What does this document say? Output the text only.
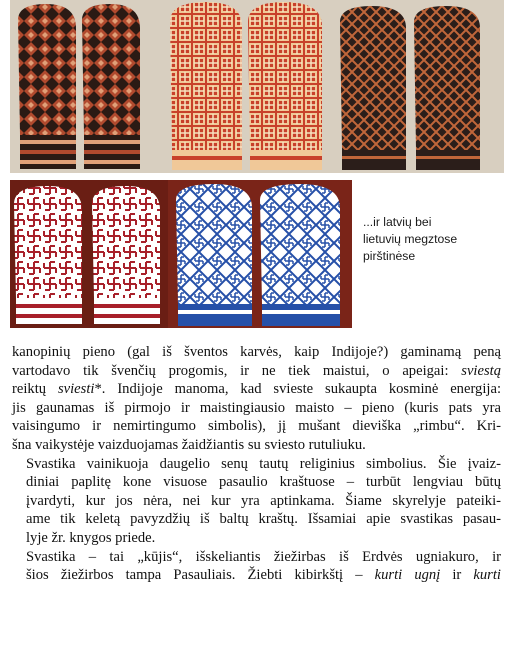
...ir latvių bei
lietuvių megztose
pirštinėse

kanopinių pieno (gal iš šventos karvės, kaip Indijoje?) gaminamą peną
vartodavo tik švenčių progomis, ir ne tiek maistui, o apeigai: sviestą
reiktų sviesti*. Indijoje manoma, kad svieste sukaupta kosminė energija:
jis gaunamas iš pirmojo ir maistingiausio maisto – pieno (kuris pats yra
vaisingumo ir nemirtingumo simbolis), jį mušant dieviška „rimbu“. Kri-
šna vaikystėje vaizduojamas žaidžiantis su sviesto rutuliuku.

Svastika vainikuoja daugelio senų tautų religinius simbolius. Šie įvaiz-
diniai paplitę kone visuose pasaulio kraštuose – turbūt lengviau būtų
įvardyti, kur jos nėra, nei kur yra aptinkama. Šiame skyrelyje pateiki-
ame tik keletą pavyzdžių iš baltų kraštų. Išsamiai apie svastikas pasau-
lyje žr. knygos priede.

Svastika – tai „kūjis“, išskeliantis žiežirbas iš Erdvės ugniakuro, ir
šios žiežirbos tampa Pasauliais. Žiebti kibirkštį – kurti ugnį ir kurti
